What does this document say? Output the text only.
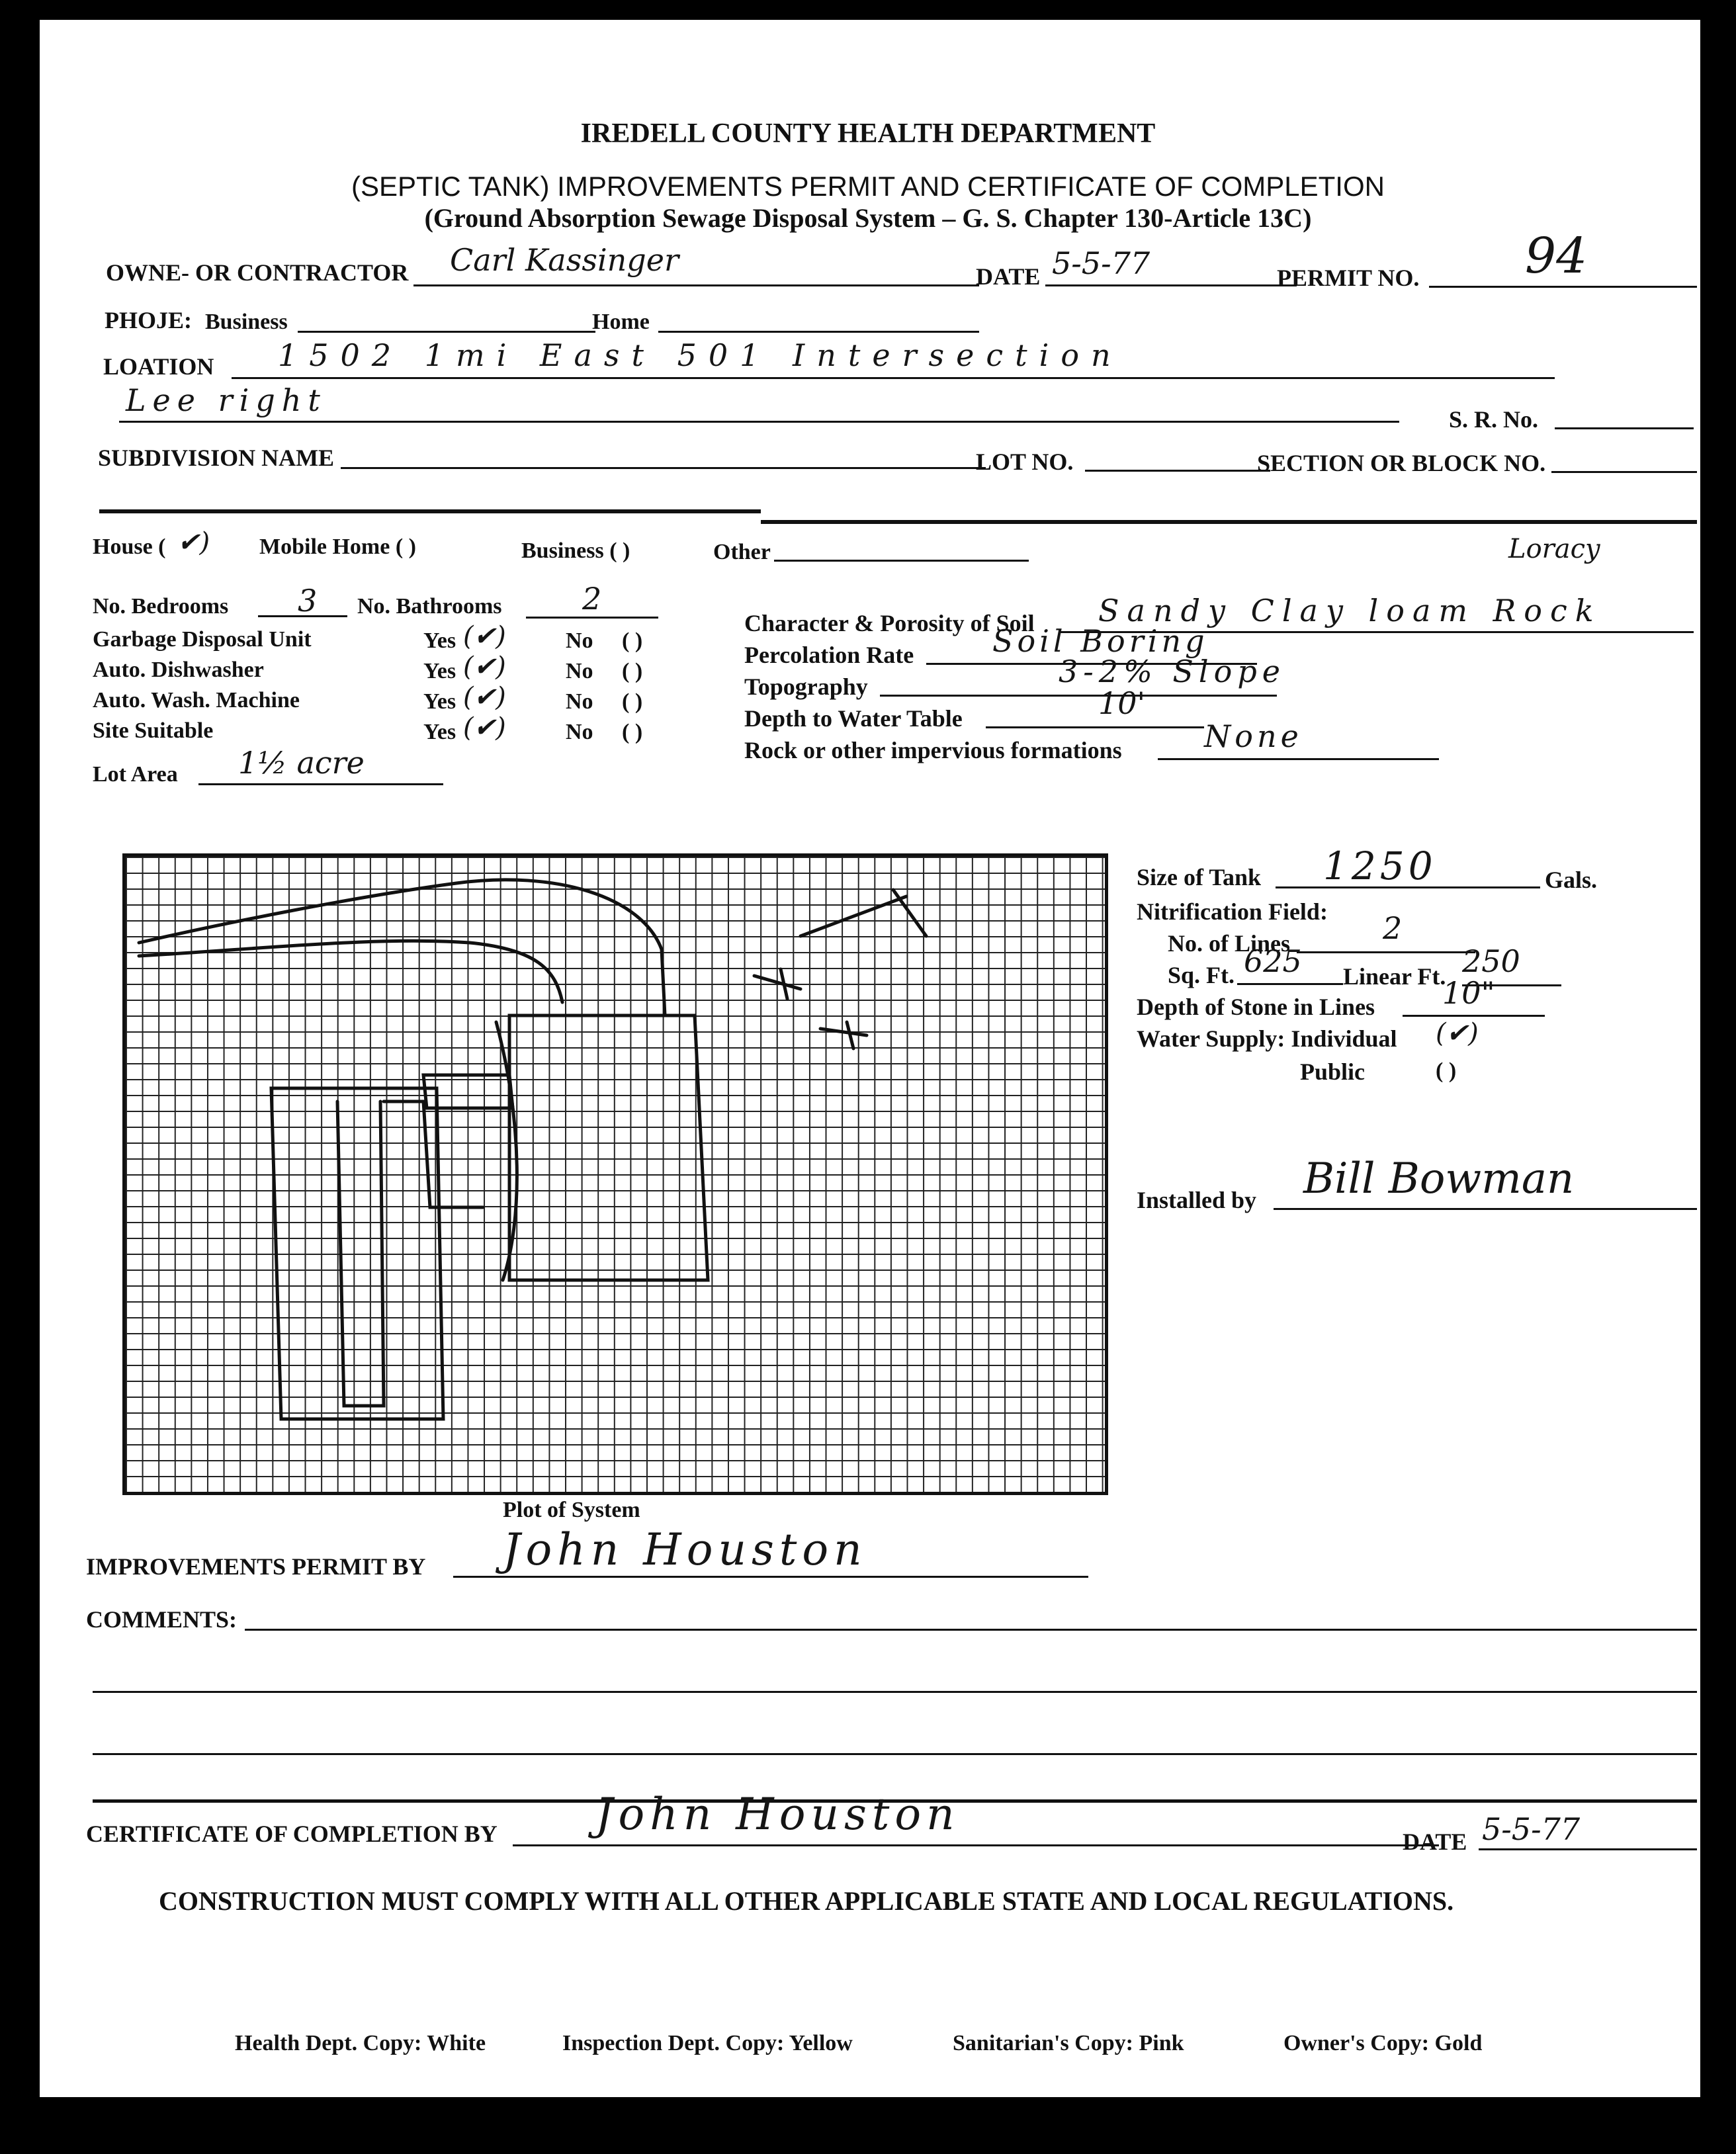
IREDELL COUNTY HEALTH DEPARTMENT
(SEPTIC TANK) IMPROVEMENTS PERMIT AND CERTIFICATE OF COMPLETION
(Ground Absorption Sewage Disposal System – G. S. Chapter 130-Article 13C)
OWNE- OR CONTRACTOR Carl Kassinger	DATE 5-5-77	PERMIT NO. 94
PHOJE: Business	Home
LOATION 1502 1mi East 501 Intersection
Lee right
S. R. No.
SUBDIVISION NAME	LOT NO.	SECTION OR BLOCK NO.
House ( ✔) Mobile Home ( )	Business ( )	Other	Loracy
No. Bedrooms 3 No. Bathrooms	2
Garbage Disposal Unit	Yes (✔)	No ( )
Auto. Dishwasher	Yes (✔)	No ( )
Auto. Wash. Machine	Yes (✔)	No ( )
Site Suitable	Yes (✔)	No ( )
Lot Area 1½ acre
Character & Porosity of Soil Sandy Clay loam Rock
Percolation Rate	Soil Boring
Topography	3-2% Slope
Depth to Water Table	10'
Rock or other impervious formations	None
Plot of System
Size of Tank 1250	Gals.
Nitrification Field:
No. of Lines	2
Sq. Ft. 625 Linear Ft. 250
Depth of Stone in Lines 10"
Water Supply: Individual (✔)
Public	( )
Installed by Bill Bowman
IMPROVEMENTS PERMIT BY John Houston
COMMENTS:
CERTIFICATE OF COMPLETION BY John Houston
DATE 5-5-77
CONSTRUCTION MUST COMPLY WITH ALL OTHER APPLICABLE STATE AND LOCAL REGULATIONS.
Health Dept. Copy: White	Inspection Dept. Copy: Yellow	Sanitarian's Copy: Pink	Owner's Copy: Gold
